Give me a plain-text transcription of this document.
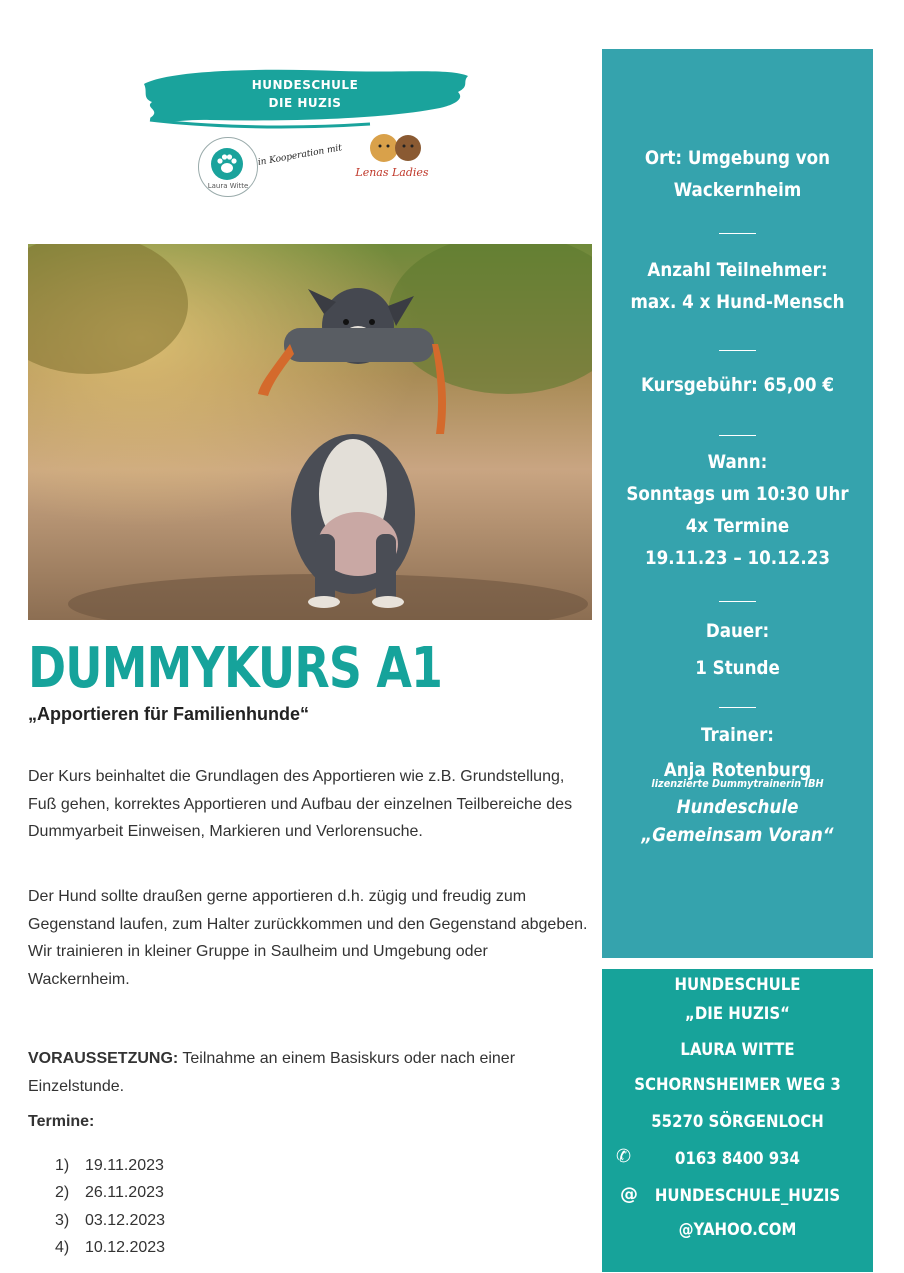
HUNDESCHULE
DIE HUZIS
Laura Witte
in Kooperation mit
Lenas Ladies
DUMMYKURS A1
„Apportieren für Familienhunde“
Der Kurs beinhaltet die Grundlagen des Apportieren wie z.B. Grundstellung, Fuß gehen, korrektes Apportieren und Aufbau der einzelnen Teilbereiche des Dummyarbeit Einweisen, Markieren und Verlorensuche.
Der Hund sollte draußen gerne apportieren d.h. zügig und freudig zum Gegenstand laufen, zum Halter zurückkommen und den Gegenstand abgeben. Wir trainieren in kleiner Gruppe in Saulheim und Umgebung oder Wackernheim.
VORAUSSETZUNG: Teilnahme an einem Basiskurs oder nach einer Einzelstunde.
Termine:
1) 19.11.2023
2) 26.11.2023
3) 03.12.2023
4) 10.12.2023
Ort: Umgebung von
Wackernheim
Anzahl Teilnehmer:
max. 4 x Hund-Mensch
Kursgebühr: 65,00 €
Wann:
Sonntags um 10:30 Uhr
4x Termine
19.11.23 – 10.12.23
Dauer:
1 Stunde
Trainer:
Anja Rotenburg
lizenzierte Dummytrainerin IBH
Hundeschule
„Gemeinsam Voran“
HUNDESCHULE
„DIE HUZIS“
LAURA WITTE
SCHORNSHEIMER WEG 3
55270 SÖRGENLOCH
✆	0163 8400 934
@ HUNDESCHULE_HUZIS
@YAHOO.COM
